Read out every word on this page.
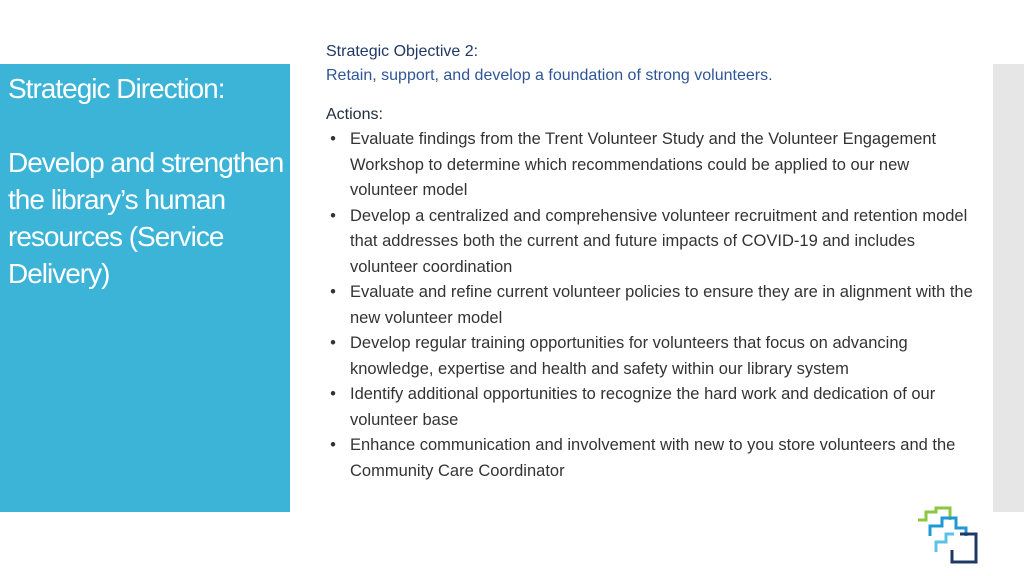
Strategic Direction:

Develop and strengthen the library’s human resources (Service Delivery)

Strategic Objective 2:

Retain, support, and develop a foundation of strong volunteers.

Actions:

• Evaluate findings from the Trent Volunteer Study and the Volunteer Engagement Workshop to determine which recommendations could be applied to our new volunteer model
• Develop a centralized and comprehensive volunteer recruitment and retention model that addresses both the current and future impacts of COVID-19 and includes volunteer coordination
• Evaluate and refine current volunteer policies to ensure they are in alignment with the new volunteer model
• Develop regular training opportunities for volunteers that focus on advancing knowledge, expertise and health and safety within our library system
• Identify additional opportunities to recognize the hard work and dedication of our volunteer base
• Enhance communication and involvement with new to you store volunteers and the Community Care Coordinator
